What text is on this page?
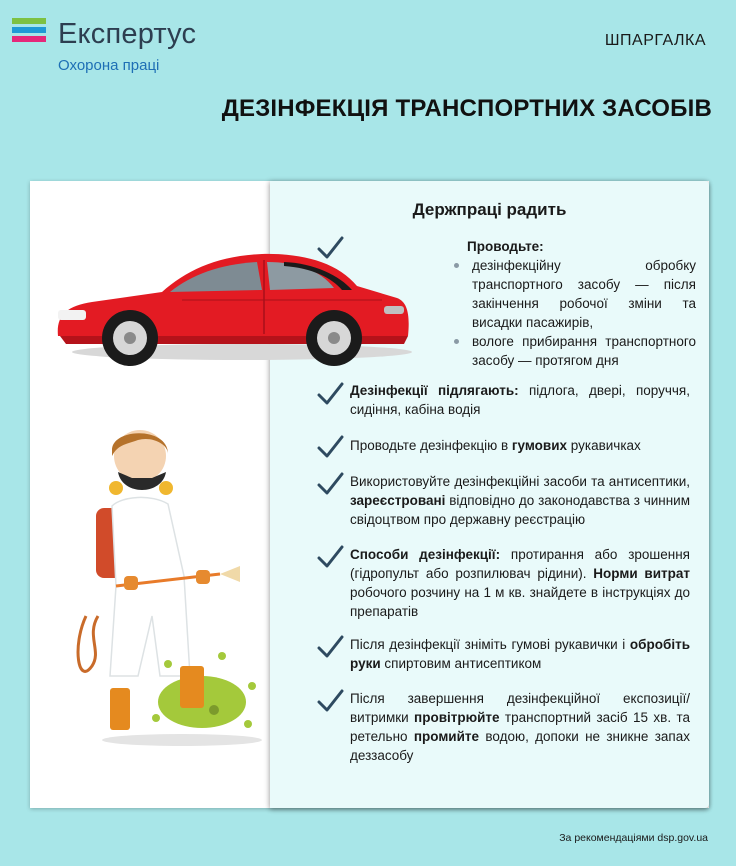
Експертус
Охорона праці
ШПАРГАЛКА
ДЕЗІНФЕКЦІЯ ТРАНСПОРТНИХ ЗАСОБІВ
Держпраці радить
Проводьте:
дезінфекційну обробку транспортного засобу — після закінчення робочої зміни та висадки пасажирів,
вологе прибирання транспортного засобу — протягом дня
Дезінфекції підлягають: підлога, двері, поруччя, сидіння, кабіна водія
Проводьте дезінфекцію в гумових рукавичках
Використовуйте дезінфекційні засоби та антисептики, зареєстровані відповідно до законодавства з чинним свідоцтвом про державну реєстрацію
Способи дезінфекції: протирання або зрошення (гідропульт або розпилювач рідини). Норми витрат робочого розчину на 1 м кв. знайдете в інструкціях до препаратів
Після дезінфекції зніміть гумові рукавички і обробіть руки спиртовим антисептиком
Після завершення дезінфекційної експозиції/витримки провітрюйте транспортний засіб 15 хв. та ретельно промийте водою, допоки не зникне запах деззасобу
За рекомендаціями dsp.gov.ua
